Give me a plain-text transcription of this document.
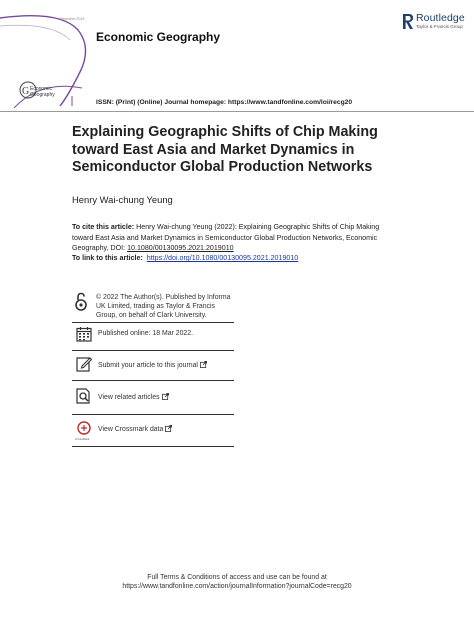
G
Reunión 2021
Economic
Geography
Economic Geography
Routledge
Taylor & Francis Group
ISSN: (Print) (Online) Journal homepage: https://www.tandfonline.com/loi/recg20
Explaining Geographic Shifts of Chip Making
toward East Asia and Market Dynamics in
Semiconductor Global Production Networks
Henry Wai-chung Yeung
To cite this article: Henry Wai-chung Yeung (2022): Explaining Geographic Shifts of Chip Making toward East Asia and Market Dynamics in Semiconductor Global Production Networks, Economic Geography, DOI: 10.1080/00130095.2021.2019010
To link to this article: https://doi.org/10.1080/00130095.2021.2019010
© 2022 The Author(s). Published by Informa
UK Limited, trading as Taylor & Francis
Group, on behalf of Clark University.
Published online: 18 Mar 2022.
Submit your article to this journal
View related articles
CrossMark
View Crossmark data
Full Terms & Conditions of access and use can be found at
https://www.tandfonline.com/action/journalInformation?journalCode=recg20
